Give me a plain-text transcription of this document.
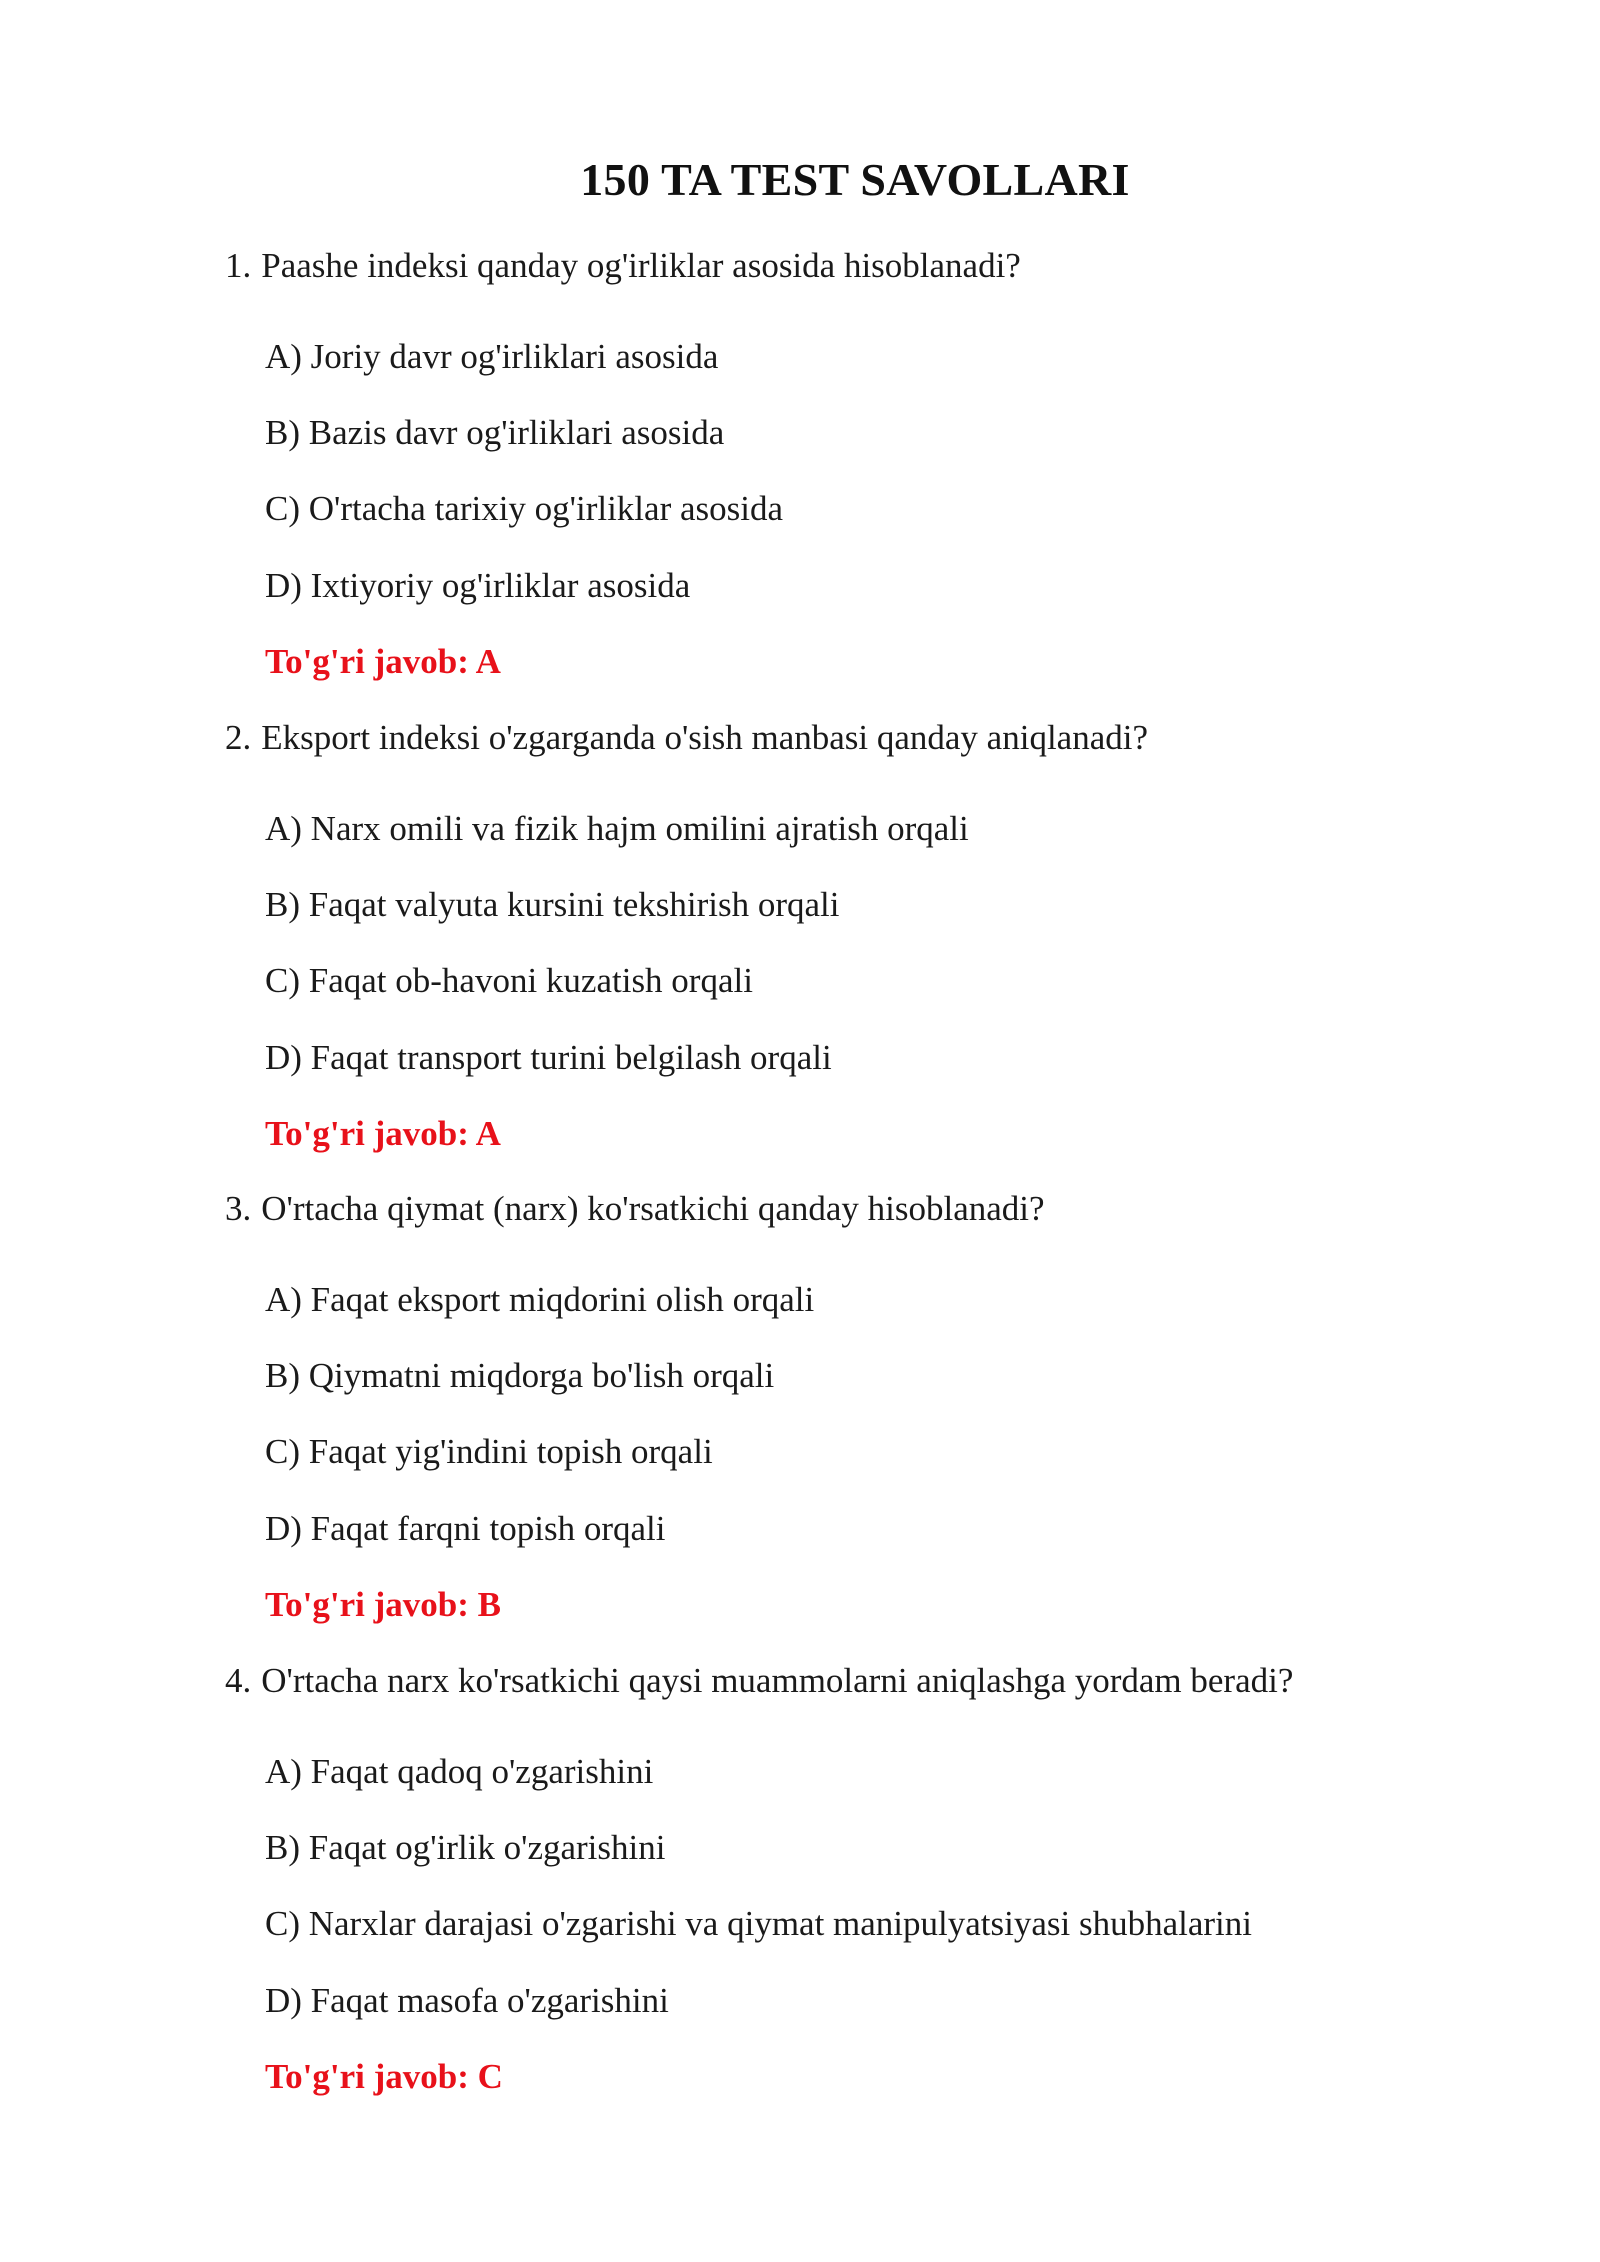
150 TA TEST SAVOLLARI
1. Paashe indeksi qanday og'irliklar asosida hisoblanadi?
A) Joriy davr og'irliklari asosida
B) Bazis davr og'irliklari asosida
C) O'rtacha tarixiy og'irliklar asosida
D) Ixtiyoriy og'irliklar asosida
To'g'ri javob: A
2. Eksport indeksi o'zgarganda o'sish manbasi qanday aniqlanadi?
A) Narx omili va fizik hajm omilini ajratish orqali
B) Faqat valyuta kursini tekshirish orqali
C) Faqat ob-havoni kuzatish orqali
D) Faqat transport turini belgilash orqali
To'g'ri javob: A
3. O'rtacha qiymat (narx) ko'rsatkichi qanday hisoblanadi?
A) Faqat eksport miqdorini olish orqali
B) Qiymatni miqdorga bo'lish orqali
C) Faqat yig'indini topish orqali
D) Faqat farqni topish orqali
To'g'ri javob: B
4. O'rtacha narx ko'rsatkichi qaysi muammolarni aniqlashga yordam beradi?
A) Faqat qadoq o'zgarishini
B) Faqat og'irlik o'zgarishini
C) Narxlar darajasi o'zgarishi va qiymat manipulyatsiyasi shubhalarini
D) Faqat masofa o'zgarishini
To'g'ri javob: C
